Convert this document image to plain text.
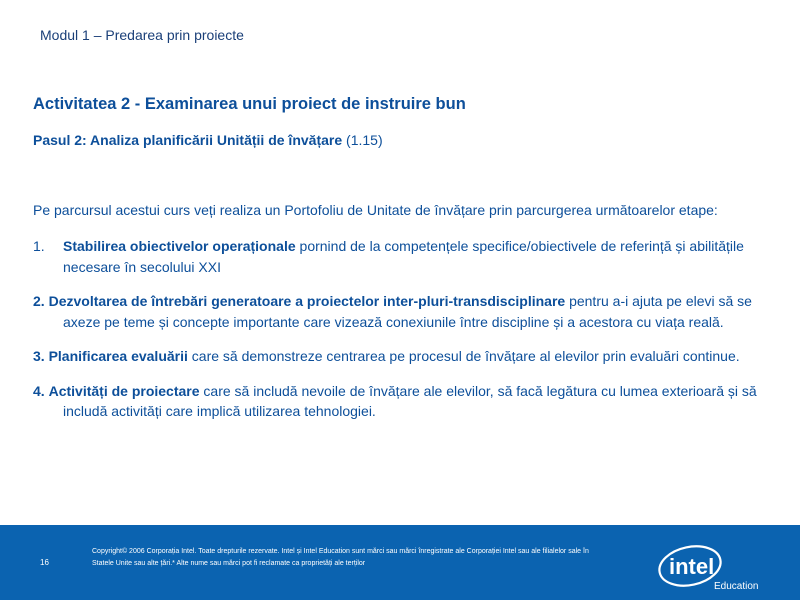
Modul 1 – Predarea prin proiecte
Activitatea 2 - Examinarea unui proiect de instruire bun
Pasul 2: Analiza planificării Unității de învățare (1.15)
Pe parcursul acestui curs veți realiza un Portofoliu de Unitate de învățare prin parcurgerea următoarelor etape:
1. Stabilirea obiectivelor operaționale pornind de la competențele specifice/obiectivele de referință și abilitățile necesare în secolului XXI
2. Dezvoltarea de întrebări generatoare a proiectelor inter-pluri-transdisciplinare pentru a-i ajuta pe elevi să se axeze pe teme și concepte importante care vizează conexiunile între discipline și a acestora cu viața reală.
3. Planificarea evaluării care să demonstreze centrarea pe procesul de învățare al elevilor prin evaluări continue.
4. Activități de proiectare care să includă nevoile de învățare ale elevilor, să facă legătura cu lumea exterioară și să includă activități care implică utilizarea tehnologiei.
16
Copyright© 2006 Corporația Intel. Toate drepturile rezervate. Intel și Intel Education sunt mărci sau mărci înregistrate ale Corporației Intel sau ale filialelor sale în Statele Unite sau alte țări.* Alte nume sau mărci pot fi reclamate ca proprietăți ale terților	intel
Education
